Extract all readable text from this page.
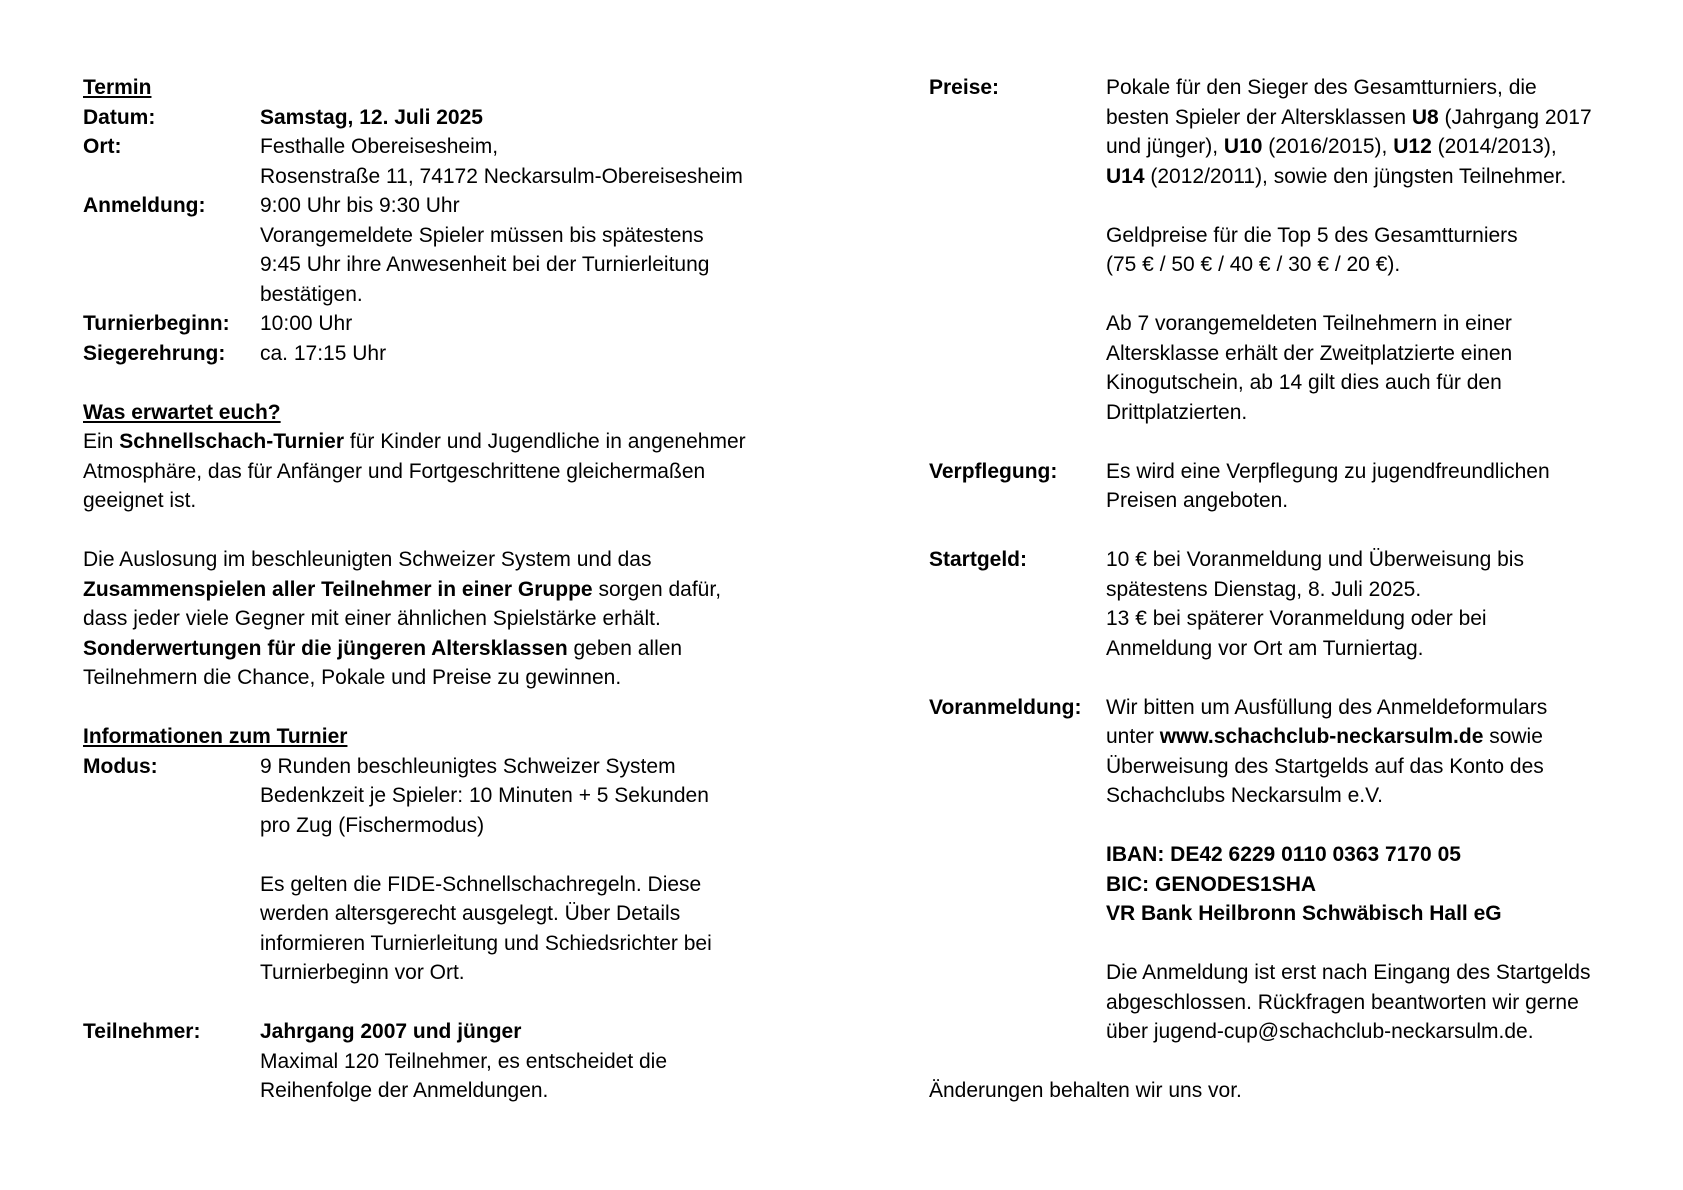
Termin
Datum:	Samstag, 12. Juli 2025
Ort:	Festhalle Obereisesheim,
Rosenstraße 11, 74172 Neckarsulm-Obereisesheim
Anmeldung:	9:00 Uhr bis 9:30 Uhr
Vorangemeldete Spieler müssen bis spätestens
9:45 Uhr ihre Anwesenheit bei der Turnierleitung
bestätigen.
Turnierbeginn:	10:00 Uhr
Siegerehrung:	ca. 17:15 Uhr
Was erwartet euch?
Ein Schnellschach-Turnier für Kinder und Jugendliche in angenehmer
Atmosphäre, das für Anfänger und Fortgeschrittene gleichermaßen
geeignet ist.
Die Auslosung im beschleunigten Schweizer System und das
Zusammenspielen aller Teilnehmer in einer Gruppe sorgen dafür,
dass jeder viele Gegner mit einer ähnlichen Spielstärke erhält.
Sonderwertungen für die jüngeren Altersklassen geben allen
Teilnehmern die Chance, Pokale und Preise zu gewinnen.
Informationen zum Turnier
Modus:	9 Runden beschleunigtes Schweizer System
Bedenkzeit je Spieler: 10 Minuten + 5 Sekunden
pro Zug (Fischermodus)
Es gelten die FIDE-Schnellschachregeln. Diese
werden altersgerecht ausgelegt. Über Details
informieren Turnierleitung und Schiedsrichter bei
Turnierbeginn vor Ort.
Teilnehmer:	Jahrgang 2007 und jünger
Maximal 120 Teilnehmer, es entscheidet die
Reihenfolge der Anmeldungen.
Preise:	Pokale für den Sieger des Gesamtturniers, die
besten Spieler der Altersklassen U8 (Jahrgang 2017
und jünger), U10 (2016/2015), U12 (2014/2013),
U14 (2012/2011), sowie den jüngsten Teilnehmer.
Geldpreise für die Top 5 des Gesamtturniers
(75 € / 50 € / 40 € / 30 € / 20 €).
Ab 7 vorangemeldeten Teilnehmern in einer
Altersklasse erhält der Zweitplatzierte einen
Kinogutschein, ab 14 gilt dies auch für den
Drittplatzierten.
Verpflegung:	Es wird eine Verpflegung zu jugendfreundlichen
Preisen angeboten.
Startgeld:	10 € bei Voranmeldung und Überweisung bis
spätestens Dienstag, 8. Juli 2025.
13 € bei späterer Voranmeldung oder bei
Anmeldung vor Ort am Turniertag.
Voranmeldung:	Wir bitten um Ausfüllung des Anmeldeformulars
unter www.schachclub-neckarsulm.de sowie
Überweisung des Startgelds auf das Konto des
Schachclubs Neckarsulm e.V.
IBAN: DE42 6229 0110 0363 7170 05
BIC: GENODES1SHA
VR Bank Heilbronn Schwäbisch Hall eG
Die Anmeldung ist erst nach Eingang des Startgelds
abgeschlossen. Rückfragen beantworten wir gerne
über jugend-cup@schachclub-neckarsulm.de.
Änderungen behalten wir uns vor.
